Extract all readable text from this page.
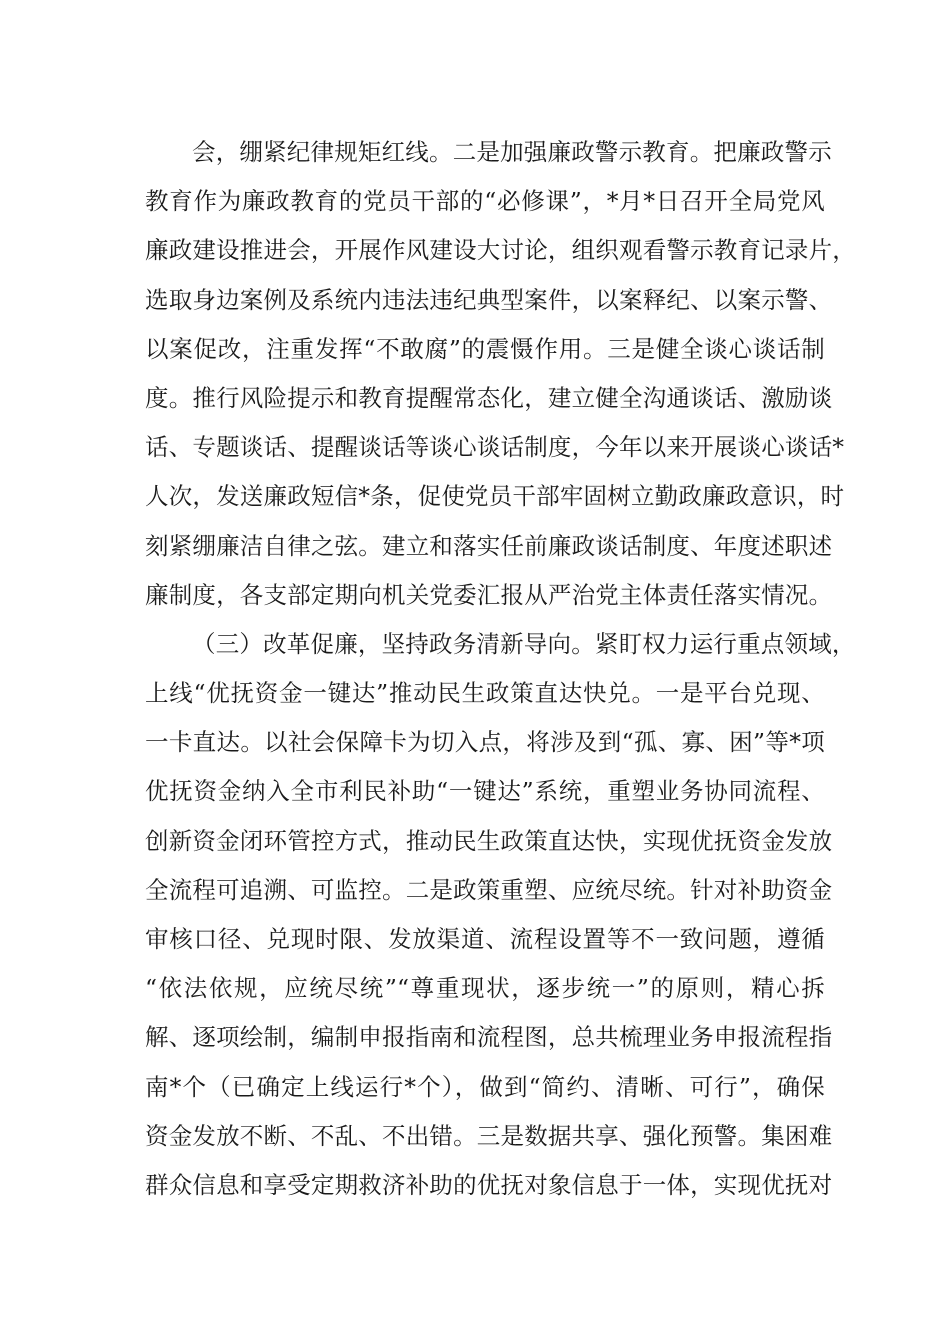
会，绷紧纪律规矩红线。二是加强廉政警示教育。把廉政警示
教育作为廉政教育的党员干部的“必修课”，*月*日召开全局党风
廉政建设推进会，开展作风建设大讨论，组织观看警示教育记录片，
选取身边案例及系统内违法违纪典型案件，以案释纪、以案示警、
以案促改，注重发挥“不敢腐”的震慑作用。三是健全谈心谈话制
度。推行风险提示和教育提醒常态化，建立健全沟通谈话、激励谈
话、专题谈话、提醒谈话等谈心谈话制度，今年以来开展谈心谈话*
人次，发送廉政短信*条，促使党员干部牢固树立勤政廉政意识，时
刻紧绷廉洁自律之弦。建立和落实任前廉政谈话制度、年度述职述
廉制度，各支部定期向机关党委汇报从严治党主体责任落实情况。
（三）改革促廉，坚持政务清新导向。紧盯权力运行重点领域，
上线“优抚资金一键达”推动民生政策直达快兑。一是平台兑现、
一卡直达。以社会保障卡为切入点，将涉及到“孤、寡、困”等*项
优抚资金纳入全市利民补助“一键达”系统，重塑业务协同流程、
创新资金闭环管控方式，推动民生政策直达快，实现优抚资金发放
全流程可追溯、可监控。二是政策重塑、应统尽统。针对补助资金
审核口径、兑现时限、发放渠道、流程设置等不一致问题，遵循
“依法依规，应统尽统”“尊重现状，逐步统一”的原则，精心拆
解、逐项绘制，编制申报指南和流程图，总共梳理业务申报流程指
南*个（已确定上线运行*个），做到“简约、清晰、可行”，确保
资金发放不断、不乱、不出错。三是数据共享、强化预警。集困难
群众信息和享受定期救济补助的优抚对象信息于一体，实现优抚对
